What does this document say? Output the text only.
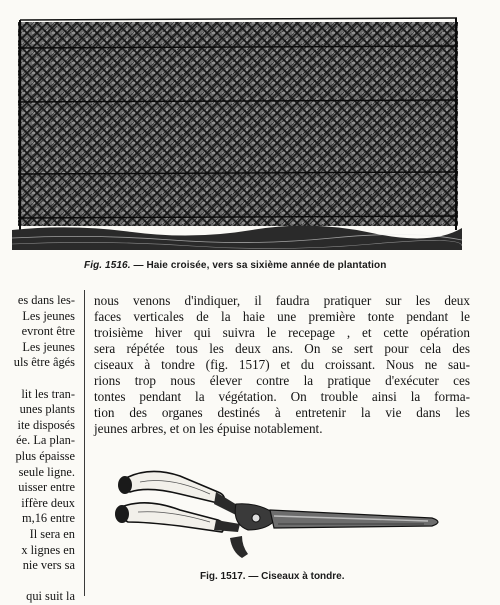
Fig. 1516. — Haie croisée, vers sa sixième année de plantation
es dans les-
Les jeunes
evront être
Les jeunes
uls être âgés

lit les tran-
unes plants
ite disposés
ée. La plan-
plus épaisse
seule ligne.
uisser entre
iffère deux
m,16 entre
Il sera en
x lignes en
nie vers sa

qui suit la
nous venons d'indiquer, il faudra pratiquer sur les deux
faces verticales de la haie une première tonte pendant le
troisième hiver qui suivra le recepage , et cette opération
sera répétée tous les deux ans. On se sert pour cela des
ciseaux à tondre (fig. 1517) et du croissant. Nous ne sau-
rions trop nous élever contre la pratique d'exécuter ces
tontes pendant la végétation. On trouble ainsi la forma-
tion des organes destinés à entretenir la vie dans les
jeunes arbres, et on les épuise notablement.
Fig. 1517. — Ciseaux à tondre.
